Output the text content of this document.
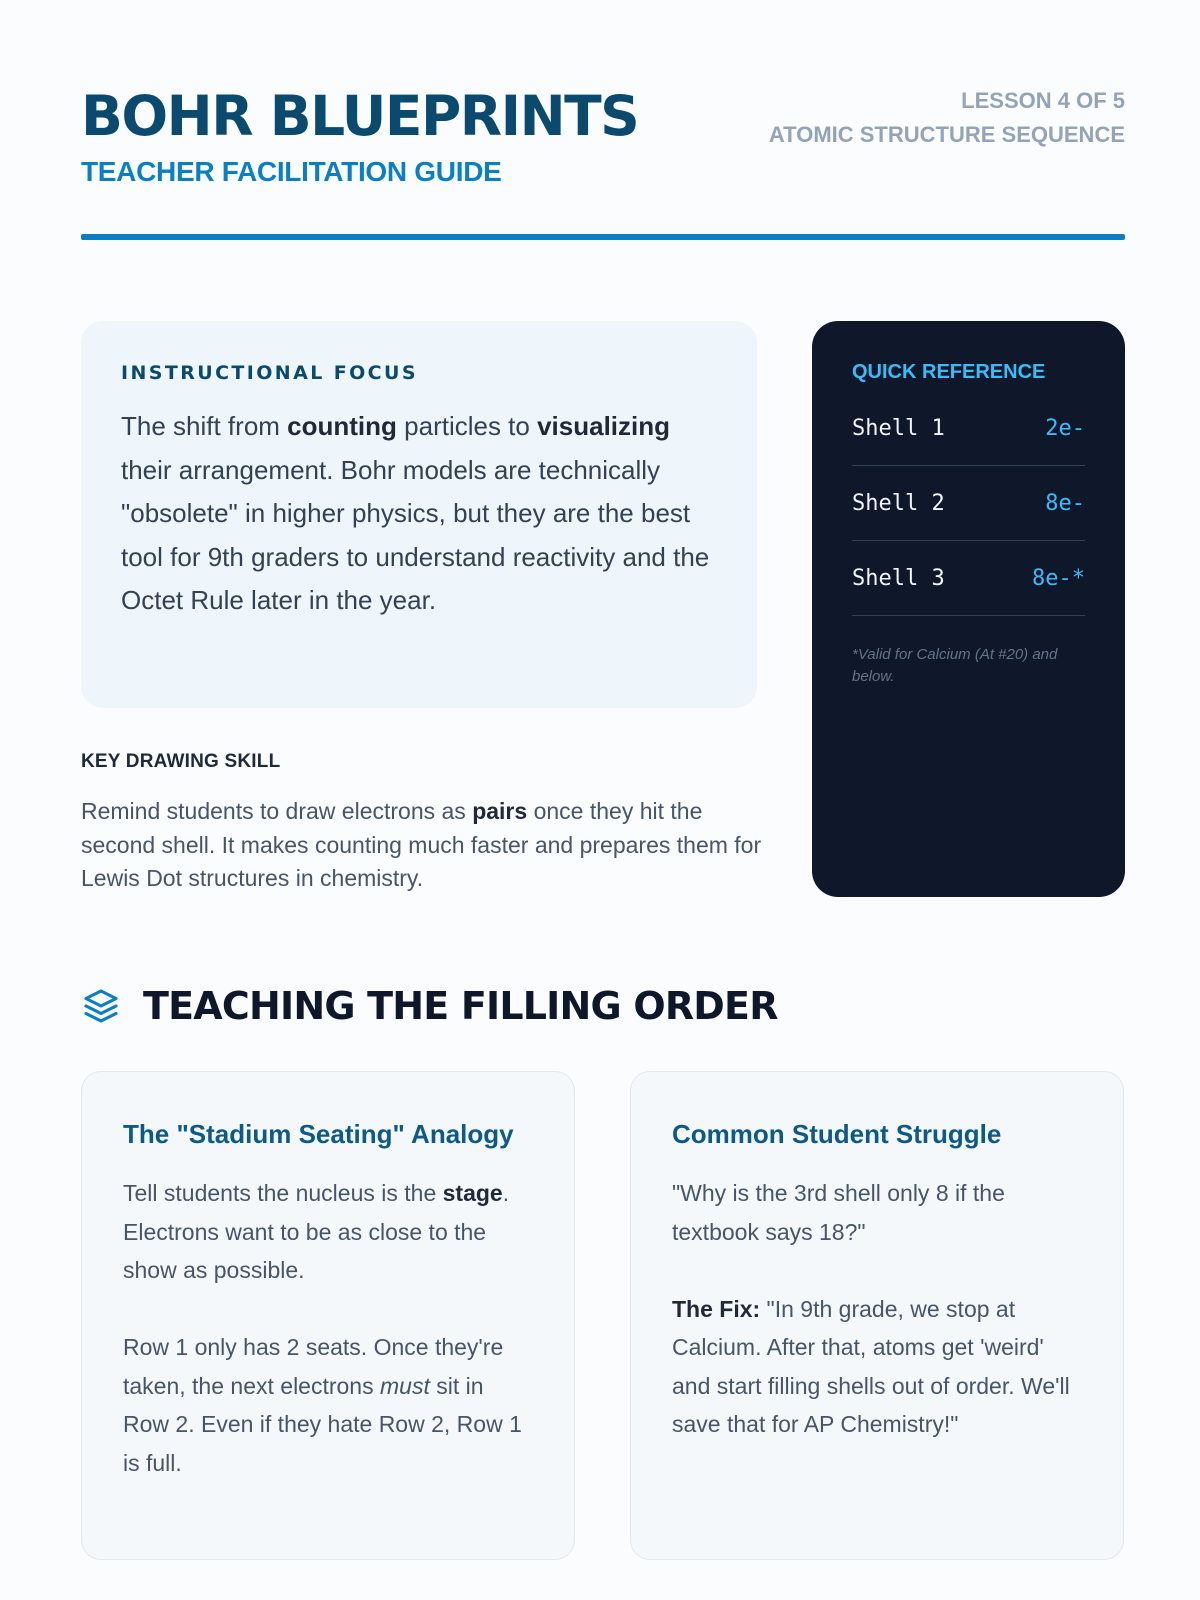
BOHR BLUEPRINTS
TEACHER FACILITATION GUIDE
LESSON 4 OF 5
ATOMIC STRUCTURE SEQUENCE
INSTRUCTIONAL FOCUS

The shift from counting particles to visualizing their arrangement. Bohr models are technically "obsolete" in higher physics, but they are the best tool for 9th graders to understand reactivity and the Octet Rule later in the year.

KEY DRAWING SKILL

Remind students to draw electrons as pairs once they hit the second shell. It makes counting much faster and prepares them for Lewis Dot structures in chemistry.

QUICK REFERENCE
Shell 1	2e-
Shell 2	8e-
Shell 3	8e-*
*Valid for Calcium (At #20) and below.
TEACHING THE FILLING ORDER
The "Stadium Seating" Analogy

Tell students the nucleus is the stage. Electrons want to be as close to the show as possible.

Row 1 only has 2 seats. Once they're taken, the next electrons must sit in Row 2. Even if they hate Row 2, Row 1 is full.

Common Student Struggle

"Why is the 3rd shell only 8 if the textbook says 18?"

The Fix: "In 9th grade, we stop at Calcium. After that, atoms get 'weird' and start filling shells out of order. We'll save that for AP Chemistry!"
